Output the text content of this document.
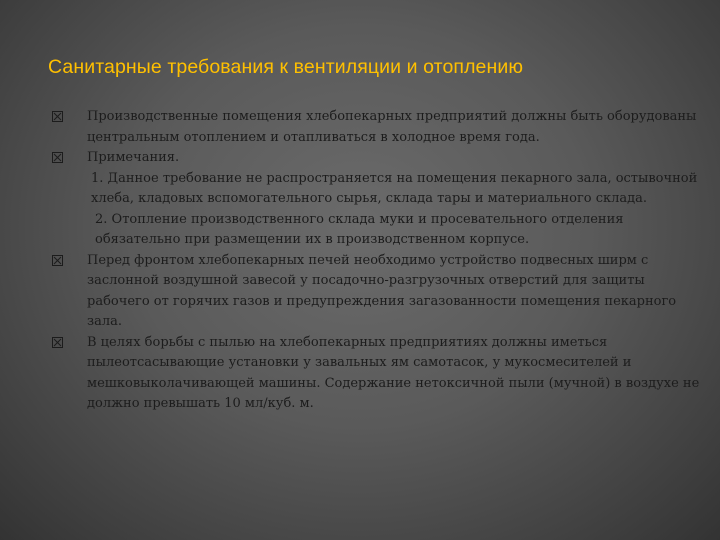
Санитарные требования к вентиляции и отоплению
Производственные помещения хлебопекарных предприятий должны быть оборудованы центральным отоплением и отапливаться в холодное время года.
Примечания.
1. Данное требование не распространяется на помещения пекарного зала, остывочной хлеба, кладовых вспомогательного сырья, склада тары и материального склада.
2. Отопление производственного склада муки и просевательного отделения обязательно при размещении их в производственном корпусе.
Перед фронтом хлебопекарных печей необходимо устройство подвесных ширм с заслонной воздушной завесой у посадочно-разгрузочных отверстий для защиты рабочего от горячих газов и предупреждения загазованности помещения пекарного зала.
В целях борьбы с пылью на хлебопекарных предприятиях должны иметься пылеотсасывающие установки у завальных ям самотасок, у мукосмесителей и мешковыколачивающей машины. Содержание нетоксичной пыли (мучной) в воздухе не должно превышать 10 мл/куб. м.
